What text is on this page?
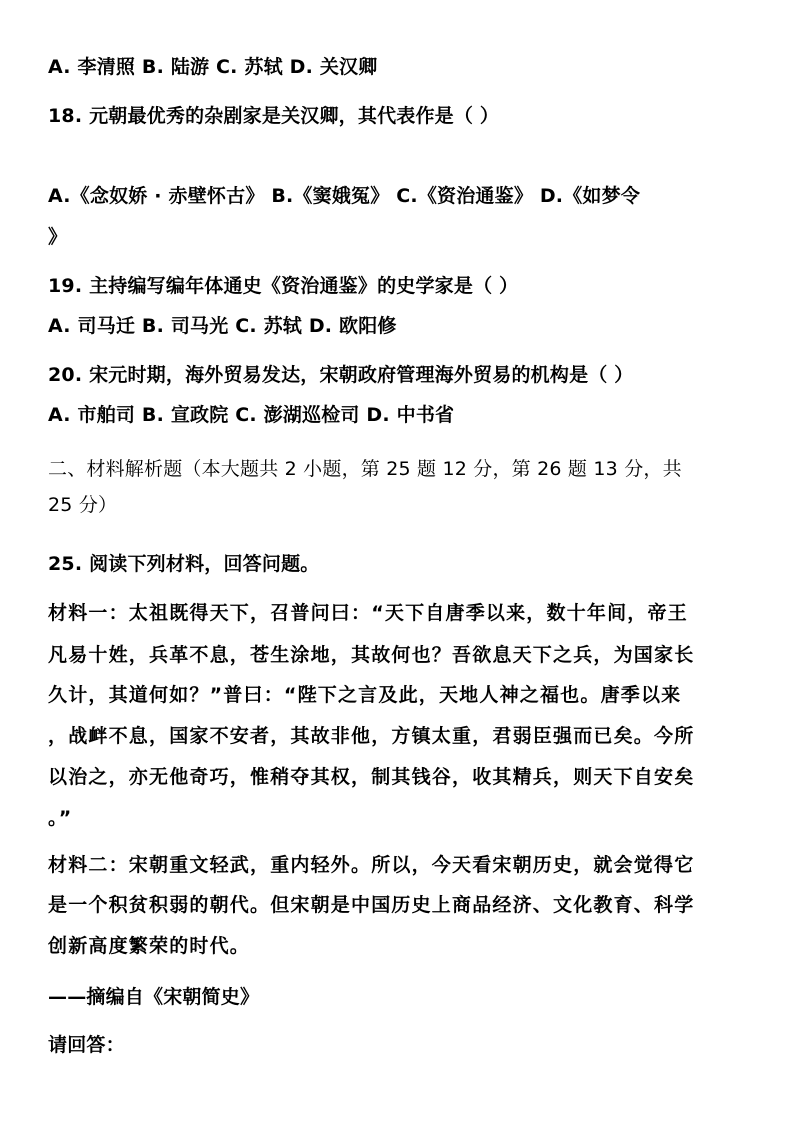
A. 李清照 B. 陆游 C. 苏轼 D. 关汉卿
18. 元朝最优秀的杂剧家是关汉卿，其代表作是（ ）
A.《念奴娇 · 赤壁怀古》 B.《窦娥冤》 C.《资治通鉴》 D.《如梦令
》
19. 主持编写编年体通史《资治通鉴》的史学家是（ ）
A. 司马迁 B. 司马光 C. 苏轼 D. 欧阳修
20. 宋元时期，海外贸易发达，宋朝政府管理海外贸易的机构是（ ）
A. 市舶司 B. 宣政院 C. 澎湖巡检司 D. 中书省
二、材料解析题（本大题共 2 小题，第 25 题 12 分，第 26 题 13 分，共
25 分）
25. 阅读下列材料，回答问题。
材料一：太祖既得天下，召普问曰：“天下自唐季以来，数十年间，帝王
凡易十姓，兵革不息，苍生涂地，其故何也？吾欲息天下之兵，为国家长
久计，其道何如？”普曰：“陛下之言及此，天地人神之福也。唐季以来
，战衅不息，国家不安者，其故非他，方镇太重，君弱臣强而已矣。今所
以治之，亦无他奇巧，惟稍夺其权，制其钱谷，收其精兵，则天下自安矣
。”
材料二：宋朝重文轻武，重内轻外。所以，今天看宋朝历史，就会觉得它
是一个积贫积弱的朝代。但宋朝是中国历史上商品经济、文化教育、科学
创新高度繁荣的时代。
——摘编自《宋朝简史》
请回答：
